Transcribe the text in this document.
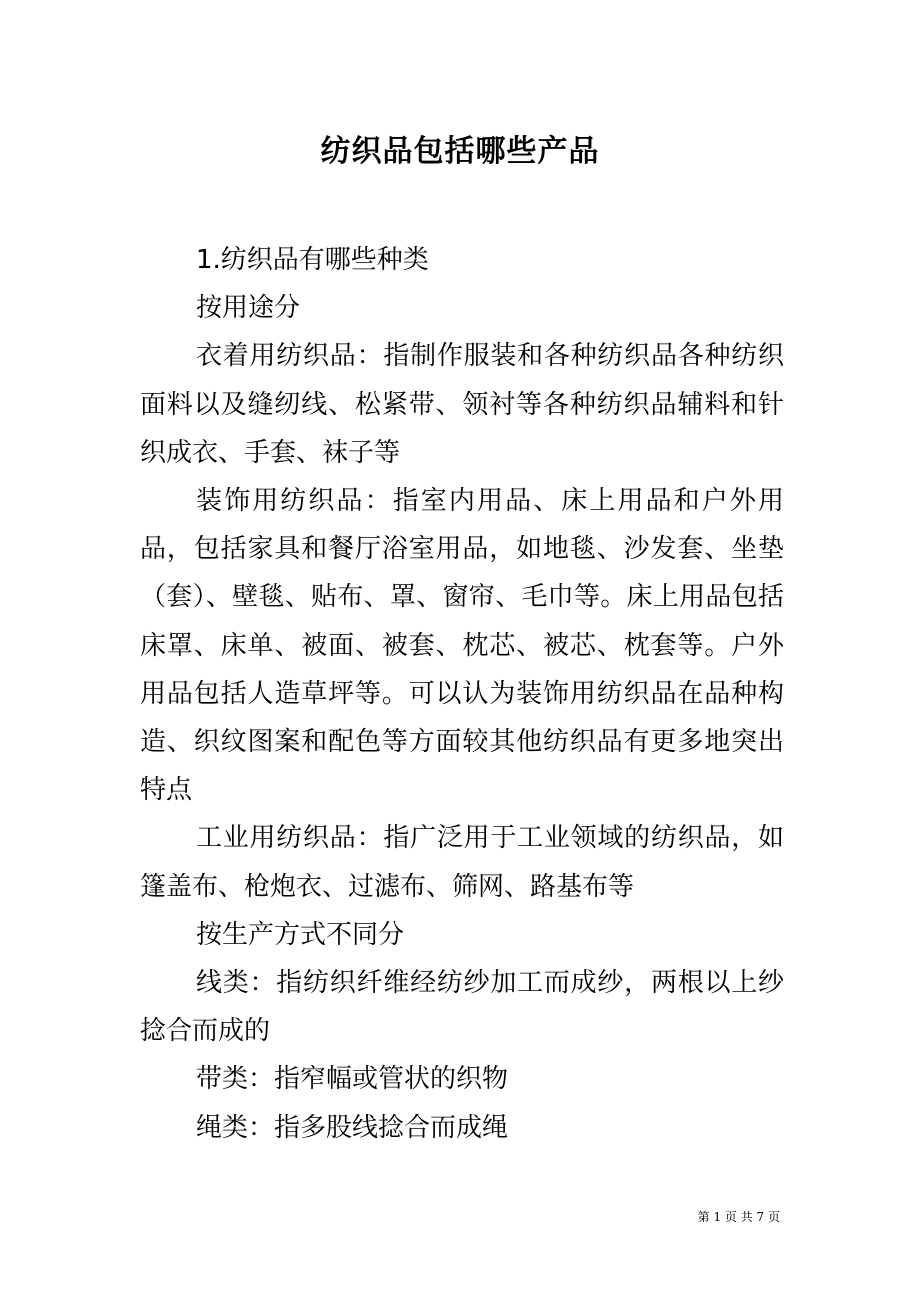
纺织品包括哪些产品

1.纺织品有哪些种类

按用途分

衣着用纺织品：指制作服装和各种纺织品各种纺织面料以及缝纫线、松紧带、领衬等各种纺织品辅料和针织成衣、手套、袜子等

装饰用纺织品：指室内用品、床上用品和户外用品，包括家具和餐厅浴室用品，如地毯、沙发套、坐垫（套）、壁毯、贴布、罩、窗帘、毛巾等。床上用品包括床罩、床单、被面、被套、枕芯、被芯、枕套等。户外用品包括人造草坪等。可以认为装饰用纺织品在品种构造、织纹图案和配色等方面较其他纺织品有更多地突出特点

工业用纺织品：指广泛用于工业领域的纺织品，如篷盖布、枪炮衣、过滤布、筛网、路基布等

按生产方式不同分

线类：指纺织纤维经纺纱加工而成纱，两根以上纱捻合而成的

带类：指窄幅或管状的织物

绳类：指多股线捻合而成绳

第 1 页 共 7 页
